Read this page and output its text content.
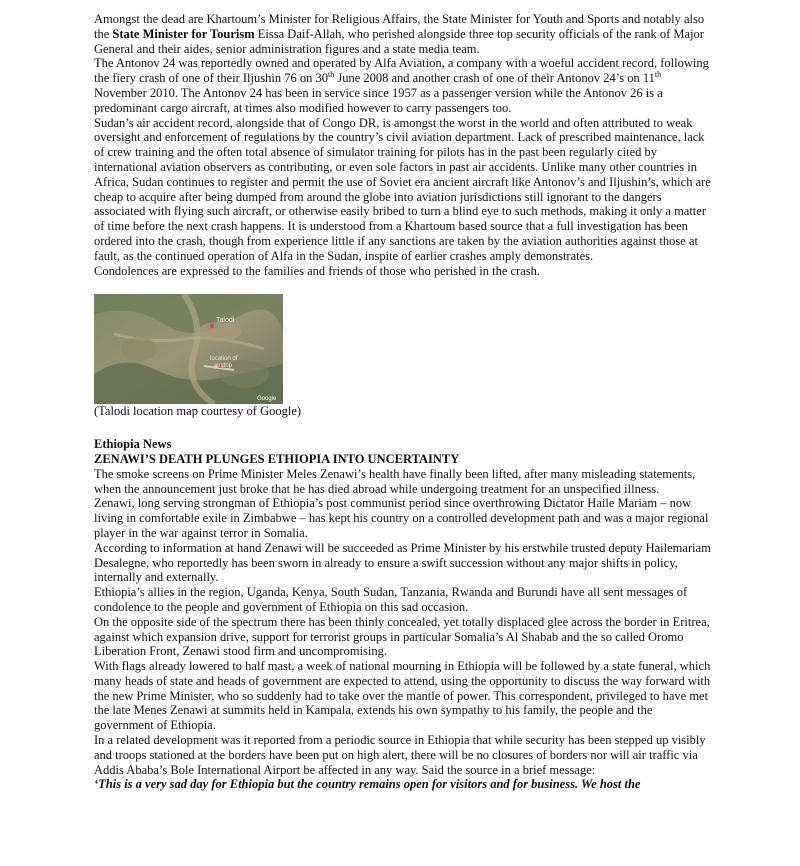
Amongst the dead are Khartoum’s Minister for Religious Affairs, the State Minister for Youth and Sports and notably also the State Minister for Tourism Eissa Daif-Allah, who perished alongside three top security officials of the rank of Major General and their aides, senior administration figures and a state media team.

The Antonov 24 was reportedly owned and operated by Alfa Aviation, a company with a woeful accident record, following the fiery crash of one of their Iljushin 76 on 30th June 2008 and another crash of one of their Antonov 24’s on 11th November 2010. The Antonov 24 has been in service since 1957 as a passenger version while the Antonov 26 is a predominant cargo aircraft, at times also modified however to carry passengers too.

Sudan’s air accident record, alongside that of Congo DR, is amongst the worst in the world and often attributed to weak oversight and enforcement of regulations by the country’s civil aviation department. Lack of prescribed maintenance, lack of crew training and the often total absence of simulator training for pilots has in the past been regularly cited by international aviation observers as contributing, or even sole factors in past air accidents. Unlike many other countries in Africa, Sudan continues to register and permit the use of Soviet era ancient aircraft like Antonov’s and Iljushin’s, which are cheap to acquire after being dumped from around the globe into aviation jurisdictions still ignorant to the dangers associated with flying such aircraft, or otherwise easily bribed to turn a blind eye to such methods, making it only a matter of time before the next crash happens. It is understood from a Khartoum based source that a full investigation has been ordered into the crash, though from experience little if any sanctions are taken by the aviation authorities against those at fault, as the continued operation of Alfa in the Sudan, inspite of earlier crashes amply demonstrates.

Condolences are expressed to the families and friends of those who perished in the crash.

Talodi
location of
airstrip
Google

(Talodi location map courtesy of Google)

Ethiopia News

ZENAWI’S DEATH PLUNGES ETHIOPIA INTO UNCERTAINTY

The smoke screens on Prime Minister Meles Zenawi’s health have finally been lifted, after many misleading statements, when the announcement just broke that he has died abroad while undergoing treatment for an unspecified illness.

Zenawi, long serving strongman of Ethiopia’s post communist period since overthrowing Dictator Haile Mariam – now living in comfortable exile in Zimbabwe – has kept his country on a controlled development path and was a major regional player in the war against terror in Somalia.

According to information at hand Zenawi will be succeeded as Prime Minister by his erstwhile trusted deputy Hailemariam Desalegne, who reportedly has been sworn in already to ensure a swift succession without any major shifts in policy, internally and externally.

Ethiopia’s allies in the region, Uganda, Kenya, South Sudan, Tanzania, Rwanda and Burundi have all sent messages of condolence to the people and government of Ethiopia on this sad occasion.

On the opposite side of the spectrum there has been thinly concealed, yet totally displaced glee across the border in Eritrea, against which expansion drive, support for terrorist groups in particular Somalia’s Al Shabab and the so called Oromo Liberation Front, Zenawi stood firm and uncompromising.

With flags already lowered to half mast, a week of national mourning in Ethiopia will be followed by a state funeral, which many heads of state and heads of government are expected to attend, using the opportunity to discuss the way forward with the new Prime Minister, who so suddenly had to take over the mantle of power. This correspondent, privileged to have met the late Menes Zenawi at summits held in Kampala, extends his own sympathy to his family, the people and the government of Ethiopia.

In a related development was it reported from a periodic source in Ethiopia that while security has been stepped up visibly and troops stationed at the borders have been put on high alert, there will be no closures of borders nor will air traffic via Addis Ababa’s Bole International Airport be affected in any way. Said the source in a brief message:

‘This is a very sad day for Ethiopia but the country remains open for visitors and for business. We host the
